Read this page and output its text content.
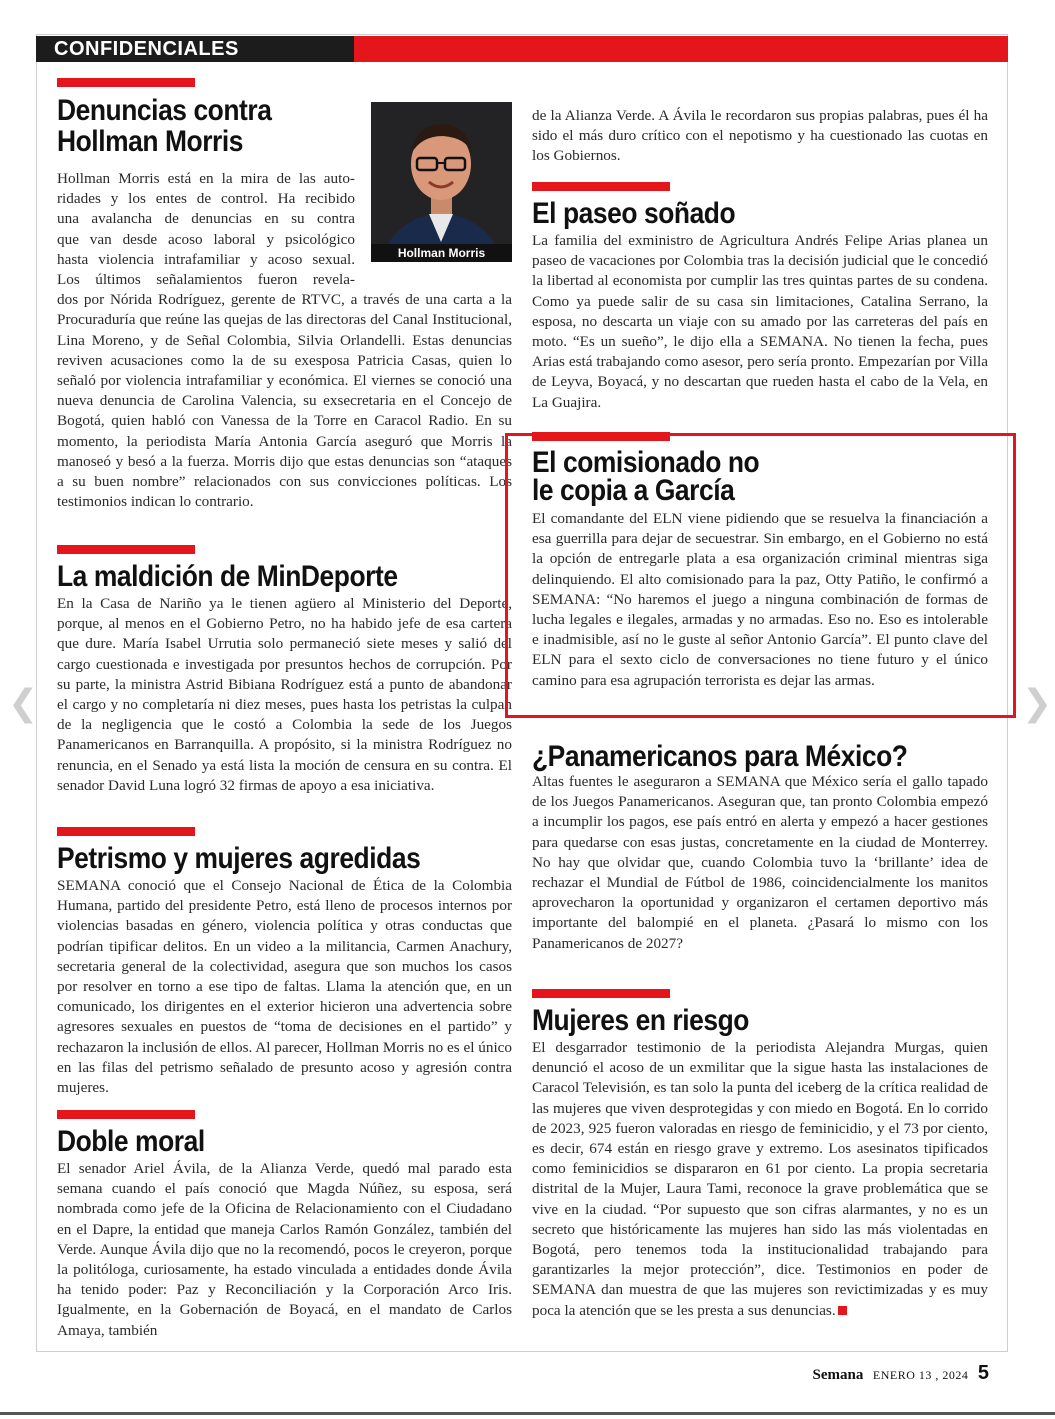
CONFIDENCIALES
Denuncias contra
Hollman Morris

Hollman Morris está en la mira de las auto-

ridades y los entes de control. Ha recibido

una avalancha de denuncias en su contra

que van desde acoso laboral y psicológico

hasta violencia intrafamiliar y acoso sexual.

Los últimos señalamientos fueron revela-

dos por Nórida Rodríguez, gerente de RTVC, a través de una carta a la Procuraduría que reúne las quejas de las directoras del Canal Institucional, Lina Moreno, y de Señal Colombia, Silvia Orlandelli. Estas denuncias reviven acusaciones como la de su exesposa Patricia Casas, quien lo señaló por violencia intrafamiliar y económica. El viernes se conoció una nueva denuncia de Carolina Valencia, su exsecretaria en el Concejo de Bogotá, quien habló con Vanessa de la Torre en Caracol Radio. En su momento, la periodista María Antonia García aseguró que Morris la manoseó y besó a la fuerza. Morris dijo que estas denuncias son “ataques a su buen nombre” relacionados con sus convicciones políticas. Los testimonios indican lo contrario.

Hollman Morris
La maldición de MinDeporte

En la Casa de Nariño ya le tienen agüero al Ministerio del Deporte, porque, al menos en el Gobierno Petro, no ha habido jefe de esa cartera que dure. María Isabel Urrutia solo permaneció siete meses y salió del cargo cuestionada e investigada por presuntos hechos de corrupción. Por su parte, la ministra Astrid Bibiana Rodríguez está a punto de abandonar el cargo y no completaría ni diez meses, pues hasta los petristas la culpan de la negligencia que le costó a Colombia la sede de los Juegos Panamericanos en Barranquilla. A propósito, si la ministra Rodríguez no renuncia, en el Senado ya está lista la moción de censura en su contra. El senador David Luna logró 32 firmas de apoyo a esa iniciativa.

Petrismo y mujeres agredidas

SEMANA conoció que el Consejo Nacional de Ética de la Colombia Humana, partido del presidente Petro, está lleno de procesos internos por violencias basadas en género, violencia política y otras conductas que podrían tipificar delitos. En un video a la militancia, Carmen Anachury, secretaria general de la colectividad, asegura que son muchos los casos por resolver en torno a ese tipo de faltas. Llama la atención que, en un comunicado, los dirigentes en el exterior hicieron una advertencia sobre agresores sexuales en puestos de “toma de decisiones en el partido” y rechazaron la inclusión de ellos. Al parecer, Hollman Morris no es el único en las filas del petrismo señalado de presunto acoso y agresión contra mujeres.

Doble moral

El senador Ariel Ávila, de la Alianza Verde, quedó mal parado esta semana cuando el país conoció que Magda Núñez, su esposa, será nombrada como jefe de la Oficina de Relacionamiento con el Ciudadano en el Dapre, la entidad que maneja Carlos Ramón González, también del Verde. Aunque Ávila dijo que no la recomendó, pocos le creyeron, porque la politóloga, curiosamente, ha estado vinculada a entidades donde Ávila ha tenido poder: Paz y Reconciliación y la Corporación Arco Iris. Igualmente, en la Gobernación de Boyacá, en el mandato de Carlos Amaya, también

de la Alianza Verde. A Ávila le recordaron sus propias palabras, pues él ha sido el más duro crítico con el nepotismo y ha cuestionado las cuotas en los Gobiernos.

El paseo soñado

La familia del exministro de Agricultura Andrés Felipe Arias planea un paseo de vacaciones por Colombia tras la decisión judicial que le concedió la libertad al economista por cumplir las tres quintas partes de su condena. Como ya puede salir de su casa sin limitaciones, Catalina Serrano, la esposa, no descarta un viaje con su amado por las carreteras del país en moto. “Es un sueño”, le dijo ella a SEMANA. No tienen la fecha, pues Arias está trabajando como asesor, pero sería pronto. Empezarían por Villa de Leyva, Boyacá, y no descartan que rueden hasta el cabo de la Vela, en La Guajira.

El comisionado no
le copia a García

El comandante del ELN viene pidiendo que se resuelva la financiación a esa guerrilla para dejar de secuestrar. Sin embargo, en el Gobierno no está la opción de entregarle plata a esa organización criminal mientras siga delinquiendo. El alto comisionado para la paz, Otty Patiño, le confirmó a SEMANA: “No haremos el juego a ninguna combinación de formas de lucha legales e ilegales, armadas y no armadas. Eso no. Eso es intolerable e inadmisible, así no le guste al señor Antonio García”. El punto clave del ELN para el sexto ciclo de conversaciones no tiene futuro y el único camino para esa agrupación terrorista es dejar las armas.

¿Panamericanos para México?

Altas fuentes le aseguraron a SEMANA que México sería el gallo tapado de los Juegos Panamericanos. Aseguran que, tan pronto Colombia empezó a incumplir los pagos, ese país entró en alerta y empezó a hacer gestiones para quedarse con esas justas, concretamente en la ciudad de Monterrey. No hay que olvidar que, cuando Colombia tuvo la ‘brillante’ idea de rechazar el Mundial de Fútbol de 1986, coincidencialmente los manitos aprovecharon la oportunidad y organizaron el certamen deportivo más importante del balompié en el planeta. ¿Pasará lo mismo con los Panamericanos de 2027?

Mujeres en riesgo

El desgarrador testimonio de la periodista Alejandra Murgas, quien denunció el acoso de un exmilitar que la sigue hasta las instalaciones de Caracol Televisión, es tan solo la punta del iceberg de la crítica realidad de las mujeres que viven desprotegidas y con miedo en Bogotá. En lo corrido de 2023, 925 fueron valoradas en riesgo de feminicidio, y el 73 por ciento, es decir, 674 están en riesgo grave y extremo. Los asesinatos tipificados como feminicidios se dispararon en 61 por ciento. La propia secretaria distrital de la Mujer, Laura Tami, reconoce la grave problemática que se vive en la ciudad. “Por supuesto que son cifras alarmantes, y no es un secreto que históricamente las mujeres han sido las más violentadas en Bogotá, pero tenemos toda la institucionalidad trabajando para garantizarles la mejor protección”, dice. Testimonios en poder de SEMANA dan muestra de que las mujeres son revictimizadas y es muy poca la atención que se les presta a sus denuncias.

❮	❯
Semana ENERO 13 , 2024 5
